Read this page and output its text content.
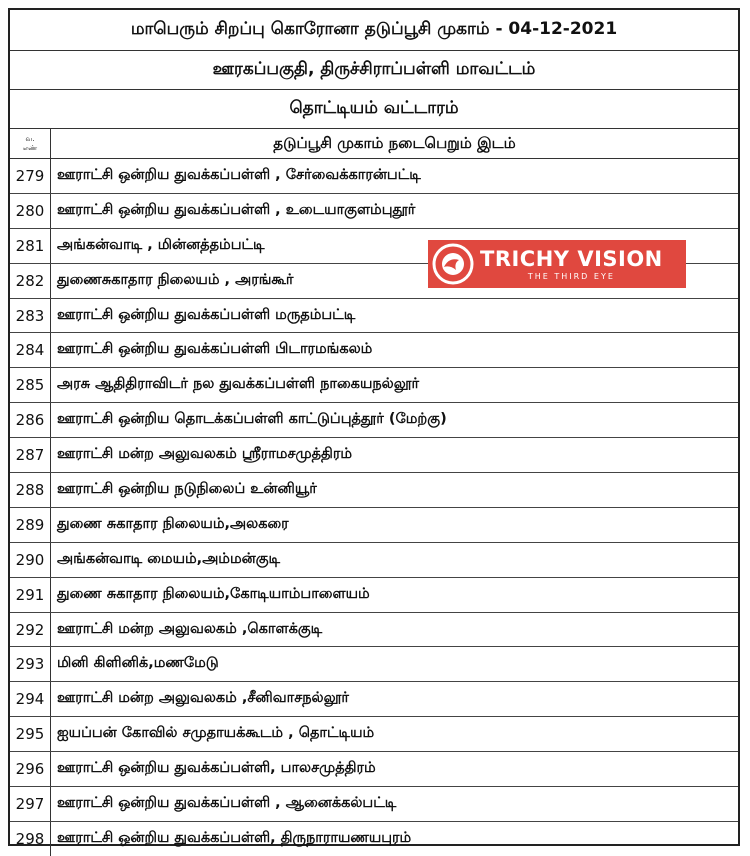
மாபெரும் சிறப்பு கொரோனா தடுப்பூசி முகாம் - 04-12-2021
ஊரகப்பகுதி, திருச்சிராப்பள்ளி மாவட்டம்
தொட்டியம் வட்டாரம்
வ.
எண்	தடுப்பூசி முகாம் நடைபெறும் இடம்
279 ஊராட்சி ஒன்றிய துவக்கப்பள்ளி , சேர்வைக்காரன்பட்டி
280 ஊராட்சி ஒன்றிய துவக்கப்பள்ளி , உடையாகுளம்புதூர்
281 அங்கன்வாடி , மின்னத்தம்பட்டி
282 துணைசுகாதார நிலையம் , அரங்கூர்
283 ஊராட்சி ஒன்றிய துவக்கப்பள்ளி மருதம்பட்டி
284 ஊராட்சி ஒன்றிய துவக்கப்பள்ளி பிடாரமங்கலம்
285 அரசு ஆதிதிராவிடர் நல துவக்கப்பள்ளி நாகையநல்லூர்
286 ஊராட்சி ஒன்றிய தொடக்கப்பள்ளி காட்டுப்புத்தூர் (மேற்கு)
287 ஊராட்சி மன்ற அலுவலகம் ஸ்ரீராமசமுத்திரம்
288 ஊராட்சி ஒன்றிய நடுநிலைப் உன்னியூர்
289 துணை சுகாதார நிலையம்,அலகரை
290 அங்கன்வாடி மையம்,அம்மன்குடி
291 துணை சுகாதார நிலையம்,கோடியாம்பாளையம்
292 ஊராட்சி மன்ற அலுவலகம் ,கொளக்குடி
293 மினி கிளினிக்,மணமேடு
294 ஊராட்சி மன்ற அலுவலகம் ,சீனிவாசநல்லூர்
295 ஐயப்பன் கோவில் சமுதாயக்கூடம் , தொட்டியம்
296 ஊராட்சி ஒன்றிய துவக்கப்பள்ளி, பாலசமுத்திரம்
297 ஊராட்சி ஒன்றிய துவக்கப்பள்ளி , ஆனைக்கல்பட்டி
298 ஊராட்சி ஒன்றிய துவக்கப்பள்ளி, திருநாராயணயபுரம்
TRICHY VISION
THE THIRD EYE
